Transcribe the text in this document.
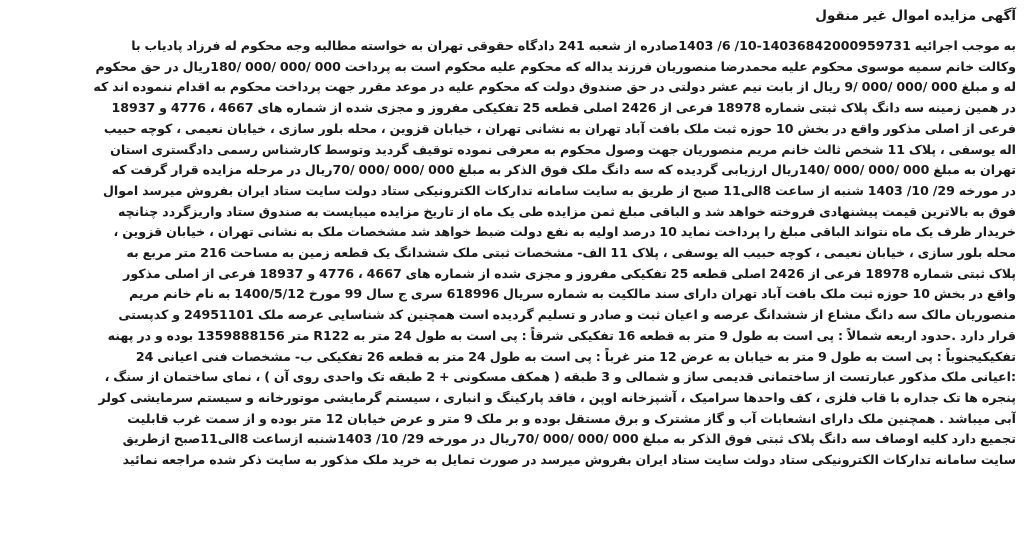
آگهی مزایده اموال غیر منقول
به موجب اجرائیه 14036842000959731-10/ 6/ 1403صادره از شعبه 241 دادگاه حقوقی تهران به خواسته مطالبه وجه محکوم له فرزاد پادیاب با
وکالت خانم سمیه موسوی محکوم علیه محمدرضا منصوریان فرزند یداله که محکوم علیه محکوم است به پرداخت 000 /000 /000 /180ریال در حق محکوم
له و مبلغ 000 /000 /000 /9 ریال از بابت نیم عشر دولتی در حق صندوق دولت که محکوم علیه در موعد مقرر جهت پرداخت محکوم به اقدام ننموده اند که
در همین زمینه سه دانگ پلاک ثبتی شماره 18978 فرعی از 2426 اصلی قطعه 25 تفکیکی مفروز و مجزی شده از شماره های 4667 ، 4776 و 18937
فرعی از اصلی مذکور واقع در بخش 10 حوزه ثبت ملک بافت آباد تهران به نشانی تهران ، خیابان قزوین ، محله بلور سازی ، خیابان نعیمی ، کوچه حبیب
اله یوسفی ، پلاک 11 شخص ثالث خانم مریم منصوریان جهت وصول محکوم به معرفی نموده توقیف گردید وتوسط کارشناس رسمی دادگستری استان
تهران به مبلغ 000 /000 /000 /140ریال ارزیابی گردیده که سه دانگ ملک فوق الذکر به مبلغ 000 /000 /000 /70ریال در مرحله مزایده قرار گرفت که
در مورخه 29/ 10/ 1403 شنبه از ساعت 8الی11 صبح از طریق به سایت سامانه تدارکات الکترونیکی ستاد دولت سایت ستاد ایران بفروش میرسد اموال
فوق به بالاترین قیمت پیشنهادی فروخته خواهد شد و الباقی مبلغ ثمن مزایده طی یک ماه از تاریخ مزایده میبایست به صندوق ستاد واریزگردد چنانچه
خریدار ظرف یک ماه نتواند الباقی مبلغ را پرداخت نماید 10 درصد اولیه به نفع دولت ضبط خواهد شد مشخصات ملک به نشانی تهران ، خیابان قزوین ،
محله بلور سازی ، خیابان نعیمی ، کوچه حبیب اله یوسفی ، پلاک 11 الف- مشخصات ثبتی ملک ششدانگ یک قطعه زمین به مساحت 216 متر مربع به
پلاک ثبتی شماره 18978 فرعی از 2426 اصلی قطعه 25 تفکیکی مفروز و مجزی شده از شماره های 4667 ، 4776 و 18937 فرعی از اصلی مذکور
واقع در بخش 10 حوزه ثبت ملک بافت آباد تهران دارای سند مالکیت به شماره سریال 618996 سری ج سال 99 مورخ 1400/5/12 به نام خانم مریم
منصوریان مالک سه دانگ مشاع از ششدانگ عرصه و اعیان ثبت و صادر و تسلیم گردیده است همچنین کد شناسایی عرصه ملک 24951101 و کدپستی
قرار دارد .حدود اربعه شمالاً : پی است به طول 9 متر به قطعه 16 تفکیکی شرقاً : پی است به طول 24 متر به R122 متر 1359888156 بوده و در پهنه
تفکیکیجنوباً : پی است به طول 9 متر به خیابان به عرض 12 متر غرباً : پی است به طول 24 متر به قطعه 26 تفکیکی ب- مشخصات فنی اعیانی 24
:اعیانی ملک مذکور عبارتست از ساختمانی قدیمی ساز و شمالی و 3 طبقه ( همکف مسکونی + 2 طبقه تک واحدی روی آن ) ، نمای ساختمان از سنگ ،
پنجره ها تک جداره با قاب فلزی ، کف واحدها سرامیک ، آشپزخانه اوپن ، فاقد پارکینگ و انباری ، سیستم گرمایشی موتورخانه و سیستم سرمایشی کولر
آبی میباشد . همچنین ملک دارای انشعابات آب و گاز مشترک و برق مستقل بوده و بر ملک 9 متر و عرض خیابان 12 متر بوده و از سمت غرب قابلیت
تجمیع دارد کلیه اوصاف سه دانگ پلاک ثبتی فوق الذکر به مبلغ 000 /000 /000 /70ریال در مورخه 29/ 10/ 1403شنبه ازساعت 8الی11صبح ازطریق
سایت سامانه تدارکات الکترونیکی ستاد دولت سایت ستاد ایران بفروش میرسد در صورت تمایل به خرید ملک مذکور به سایت ذکر شده مراجعه نمائید
